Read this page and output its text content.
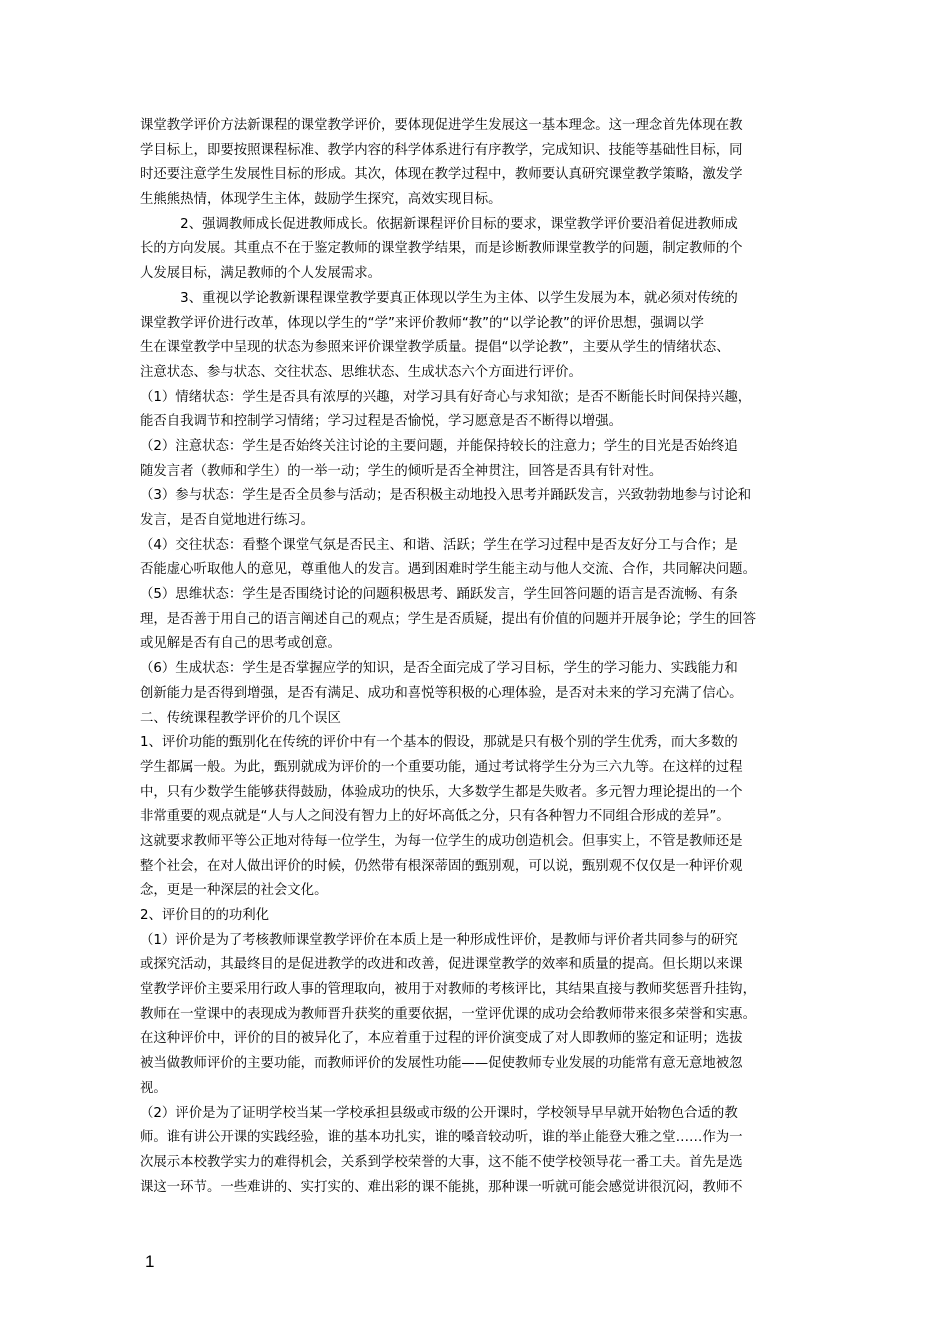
课堂教学评价方法新课程的课堂教学评价，要体现促进学生发展这一基本理念。这一理念首先体现在教
学目标上，即要按照课程标准、教学内容的科学体系进行有序教学，完成知识、技能等基础性目标，同
时还要注意学生发展性目标的形成。其次，体现在教学过程中，教师要认真研究课堂教学策略，激发学
生熊熊热情，体现学生主体，鼓励学生探究，高效实现目标。
　　　2、强调教师成长促进教师成长。依据新课程评价目标的要求，课堂教学评价要沿着促进教师成
长的方向发展。其重点不在于鉴定教师的课堂教学结果，而是诊断教师课堂教学的问题，制定教师的个
人发展目标，满足教师的个人发展需求。
　　　3、重视以学论教新课程课堂教学要真正体现以学生为主体、以学生发展为本，就必须对传统的
课堂教学评价进行改革，体现以学生的“学”来评价教师“教”的“以学论教”的评价思想，强调以学
生在课堂教学中呈现的状态为参照来评价课堂教学质量。提倡“以学论教”，主要从学生的情绪状态、
注意状态、参与状态、交往状态、思维状态、生成状态六个方面进行评价。
（1）情绪状态：学生是否具有浓厚的兴趣，对学习具有好奇心与求知欲；是否不断能长时间保持兴趣，
能否自我调节和控制学习情绪；学习过程是否愉悦，学习愿意是否不断得以增强。
（2）注意状态：学生是否始终关注讨论的主要问题，并能保持较长的注意力；学生的目光是否始终追
随发言者（教师和学生）的一举一动；学生的倾听是否全神贯注，回答是否具有针对性。
（3）参与状态：学生是否全员参与活动；是否积极主动地投入思考并踊跃发言，兴致勃勃地参与讨论和
发言，是否自觉地进行练习。
（4）交往状态：看整个课堂气氛是否民主、和谐、活跃；学生在学习过程中是否友好分工与合作；是
否能虚心听取他人的意见，尊重他人的发言。遇到困难时学生能主动与他人交流、合作，共同解决问题。
（5）思维状态：学生是否围绕讨论的问题积极思考、踊跃发言，学生回答问题的语言是否流畅、有条
理，是否善于用自己的语言阐述自己的观点；学生是否质疑，提出有价值的问题并开展争论；学生的回答
或见解是否有自己的思考或创意。
（6）生成状态：学生是否掌握应学的知识，是否全面完成了学习目标，学生的学习能力、实践能力和
创新能力是否得到增强，是否有满足、成功和喜悦等积极的心理体验，是否对未来的学习充满了信心。
二、传统课程教学评价的几个误区
1、评价功能的甄别化在传统的评价中有一个基本的假设，那就是只有极个别的学生优秀，而大多数的
学生都属一般。为此，甄别就成为评价的一个重要功能，通过考试将学生分为三六九等。在这样的过程
中，只有少数学生能够获得鼓励，体验成功的快乐，大多数学生都是失败者。多元智力理论提出的一个
非常重要的观点就是“人与人之间没有智力上的好坏高低之分，只有各种智力不同组合形成的差异”。
这就要求教师平等公正地对待每一位学生，为每一位学生的成功创造机会。但事实上，不管是教师还是
整个社会，在对人做出评价的时候，仍然带有根深蒂固的甄别观，可以说，甄别观不仅仅是一种评价观
念，更是一种深层的社会文化。
2、评价目的的功利化
（1）评价是为了考核教师课堂教学评价在本质上是一种形成性评价，是教师与评价者共同参与的研究
或探究活动，其最终目的是促进教学的改进和改善，促进课堂教学的效率和质量的提高。但长期以来课
堂教学评价主要采用行政人事的管理取向，被用于对教师的考核评比，其结果直接与教师奖惩晋升挂钩，
教师在一堂课中的表现成为教师晋升获奖的重要依据，一堂评优课的成功会给教师带来很多荣誉和实惠。
在这种评价中，评价的目的被异化了，本应着重于过程的评价演变成了对人即教师的鉴定和证明；选拔
被当做教师评价的主要功能，而教师评价的发展性功能——促使教师专业发展的功能常有意无意地被忽
视。
（2）评价是为了证明学校当某一学校承担县级或市级的公开课时，学校领导早早就开始物色合适的教
师。谁有讲公开课的实践经验，谁的基本功扎实，谁的嗓音较动听，谁的举止能登大雅之堂……作为一
次展示本校教学实力的难得机会，关系到学校荣誉的大事，这不能不使学校领导花一番工夫。首先是选
课这一环节。一些难讲的、实打实的、难出彩的课不能挑，那种课一听就可能会感觉讲很沉闷，教师不
1
